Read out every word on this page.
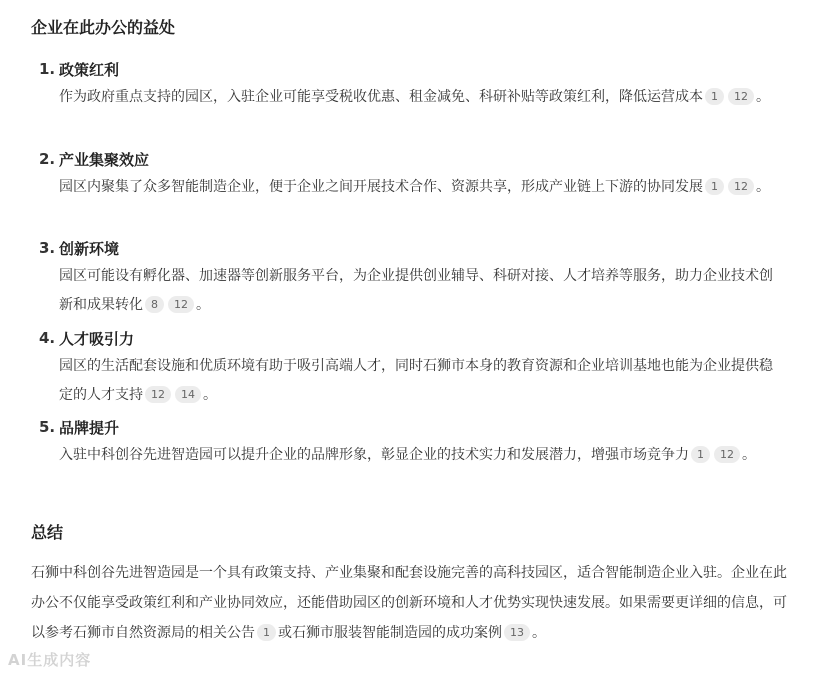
企业在此办公的益处
1. 政策红利
作为政府重点支持的园区，入驻企业可能享受税收优惠、租金减免、科研补贴等政策红利，降低运营成本 1 12 。
2. 产业集聚效应
园区内聚集了众多智能制造企业，便于企业之间开展技术合作、资源共享，形成产业链上下游的协同发展 1 12 。
3. 创新环境
园区可能设有孵化器、加速器等创新服务平台，为企业提供创业辅导、科研对接、人才培养等服务，助力企业技术创新和成果转化 8 12 。
4. 人才吸引力
园区的生活配套设施和优质环境有助于吸引高端人才，同时石狮市本身的教育资源和企业培训基地也能为企业提供稳定的人才支持 12 14 。
5. 品牌提升
入驻中科创谷先进智造园可以提升企业的品牌形象，彰显企业的技术实力和发展潜力，增强市场竞争力 1 12 。
总结
石狮中科创谷先进智造园是一个具有政策支持、产业集聚和配套设施完善的高科技园区，适合智能制造企业入驻。企业在此办公不仅能享受政策红利和产业协同效应，还能借助园区的创新环境和人才优势实现快速发展。如果需要更详细的信息，可以参考石狮市自然资源局的相关公告 1 或石狮市服装智能制造园的成功案例 13 。
AI生成内容
